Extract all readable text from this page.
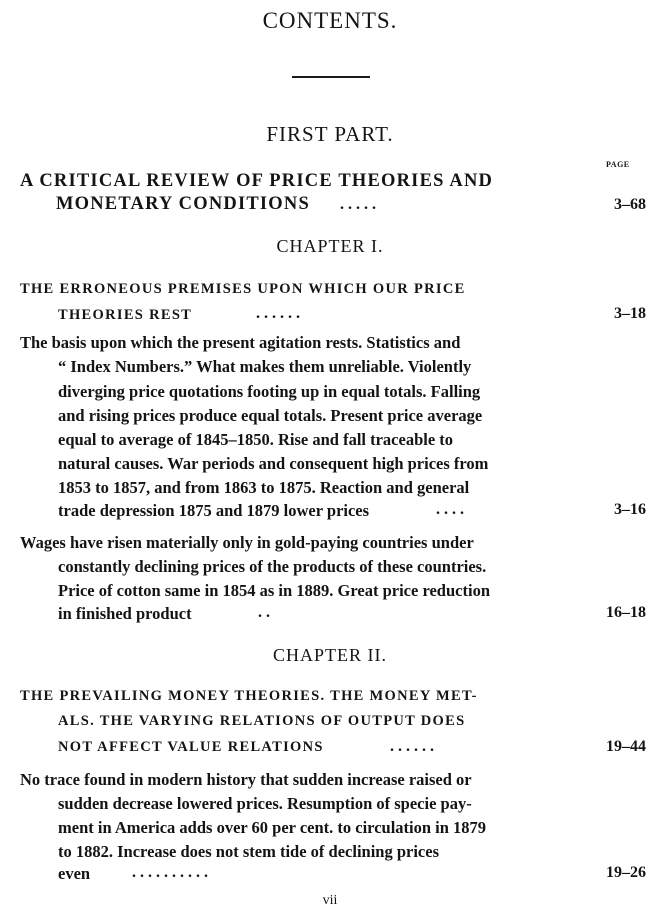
CONTENTS.
FIRST PART.
PAGE
A CRITICAL REVIEW OF PRICE THEORIES AND
MONETARY CONDITIONS . . . . .	3–68
CHAPTER I.
THE ERRONEOUS PREMISES UPON WHICH OUR PRICE
THEORIES REST	. . . . . .	3–18
The basis upon which the present agitation rests. Statistics and
“ Index Numbers.” What makes them unreliable. Violently
diverging price quotations footing up in equal totals. Falling
and rising prices produce equal totals. Present price average
equal to average of 1845–1850. Rise and fall traceable to
natural causes. War periods and consequent high prices from
1853 to 1857, and from 1863 to 1875. Reaction and general
trade depression 1875 and 1879 lower prices	. . . .	3–16
Wages have risen materially only in gold-paying countries under
constantly declining prices of the products of these countries.
Price of cotton same in 1854 as in 1889. Great price reduction
in finished product	. .	16–18
CHAPTER II.
THE PREVAILING MONEY THEORIES. THE MONEY MET-
ALS. THE VARYING RELATIONS OF OUTPUT DOES
NOT AFFECT VALUE RELATIONS	. . . . . .	19–44
No trace found in modern history that sudden increase raised or
sudden decrease lowered prices. Resumption of specie pay-
ment in America adds over 60 per cent. to circulation in 1879
to 1882. Increase does not stem tide of declining prices
even	. . . . . . . . . .	19–26
vii
